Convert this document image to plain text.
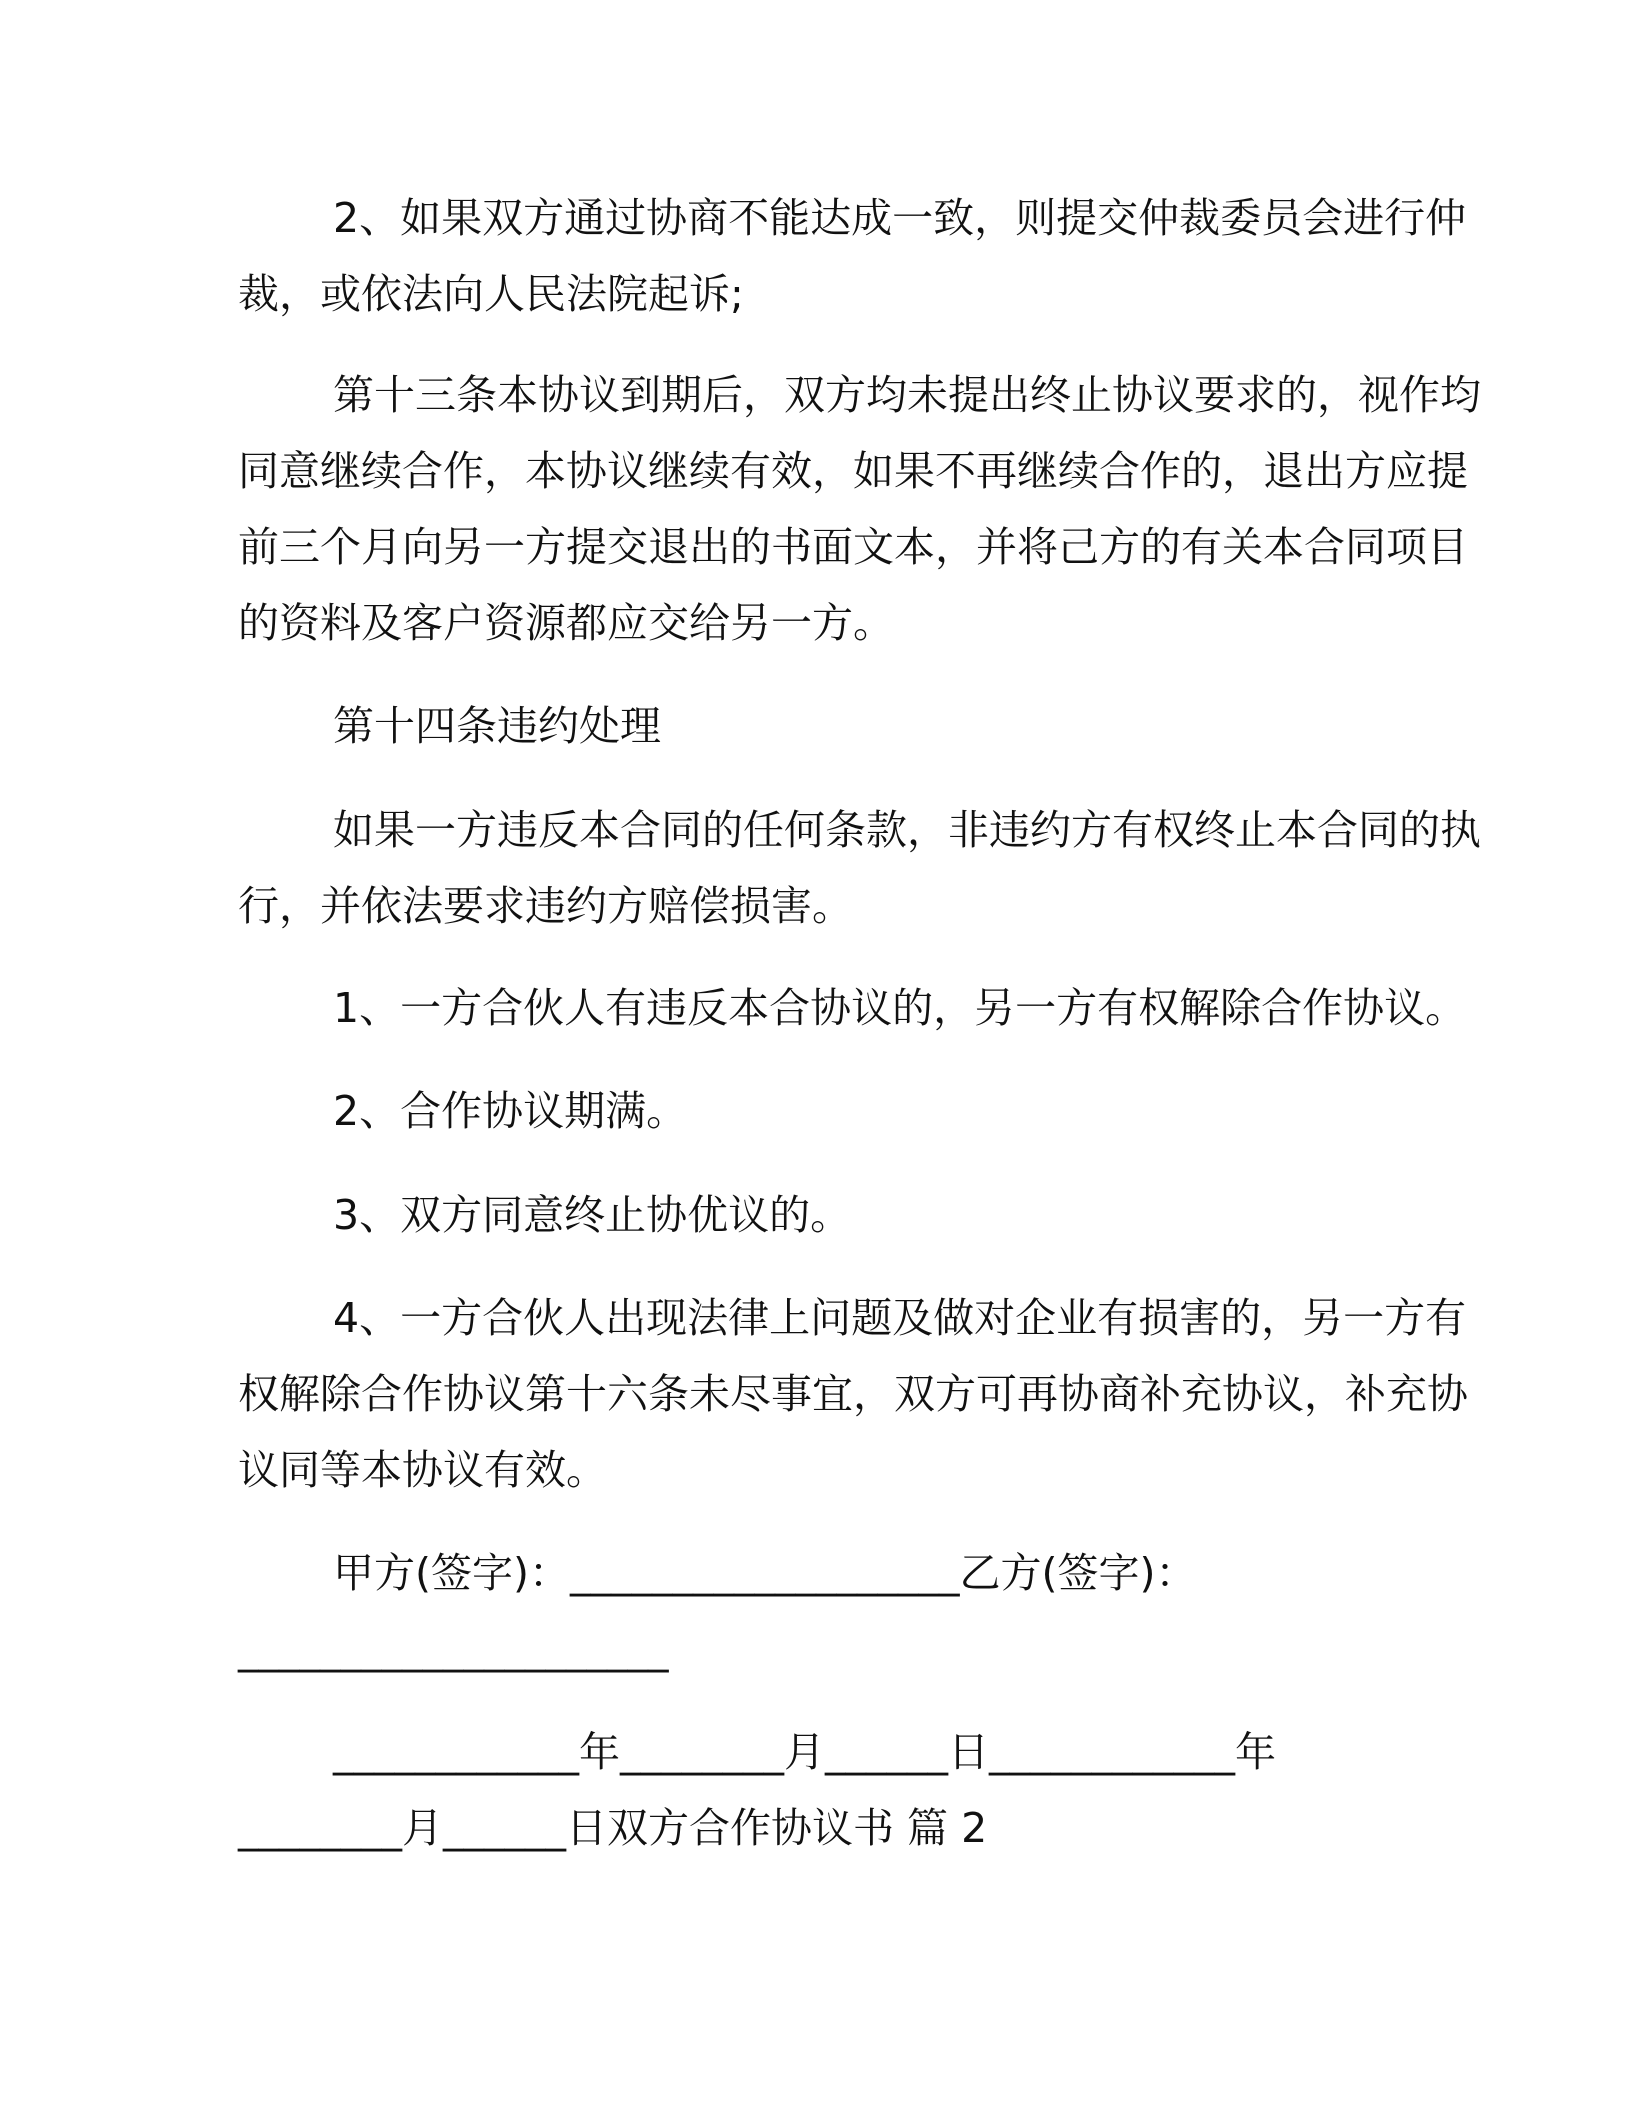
2、如果双方通过协商不能达成一致，则提交仲裁委员会进行仲
裁，或依法向人民法院起诉;
第十三条本协议到期后，双方均未提出终止协议要求的，视作均
同意继续合作，本协议继续有效，如果不再继续合作的，退出方应提
前三个月向另一方提交退出的书面文本，并将己方的有关本合同项目
的资料及客户资源都应交给另一方。
第十四条违约处理
如果一方违反本合同的任何条款，非违约方有权终止本合同的执
行，并依法要求违约方赔偿损害。
1、一方合伙人有违反本合协议的，另一方有权解除合作协议。
2、合作协议期满。
3、双方同意终止协优议的。
4、一方合伙人出现法律上问题及做对企业有损害的，另一方有
权解除合作协议第十六条未尽事宜，双方可再协商补充协议，补充协
议同等本协议有效。
甲方(签字)：___________________乙方(签字)：
_____________________
____________年________月______日____________年
________月______日双方合作协议书 篇 2
